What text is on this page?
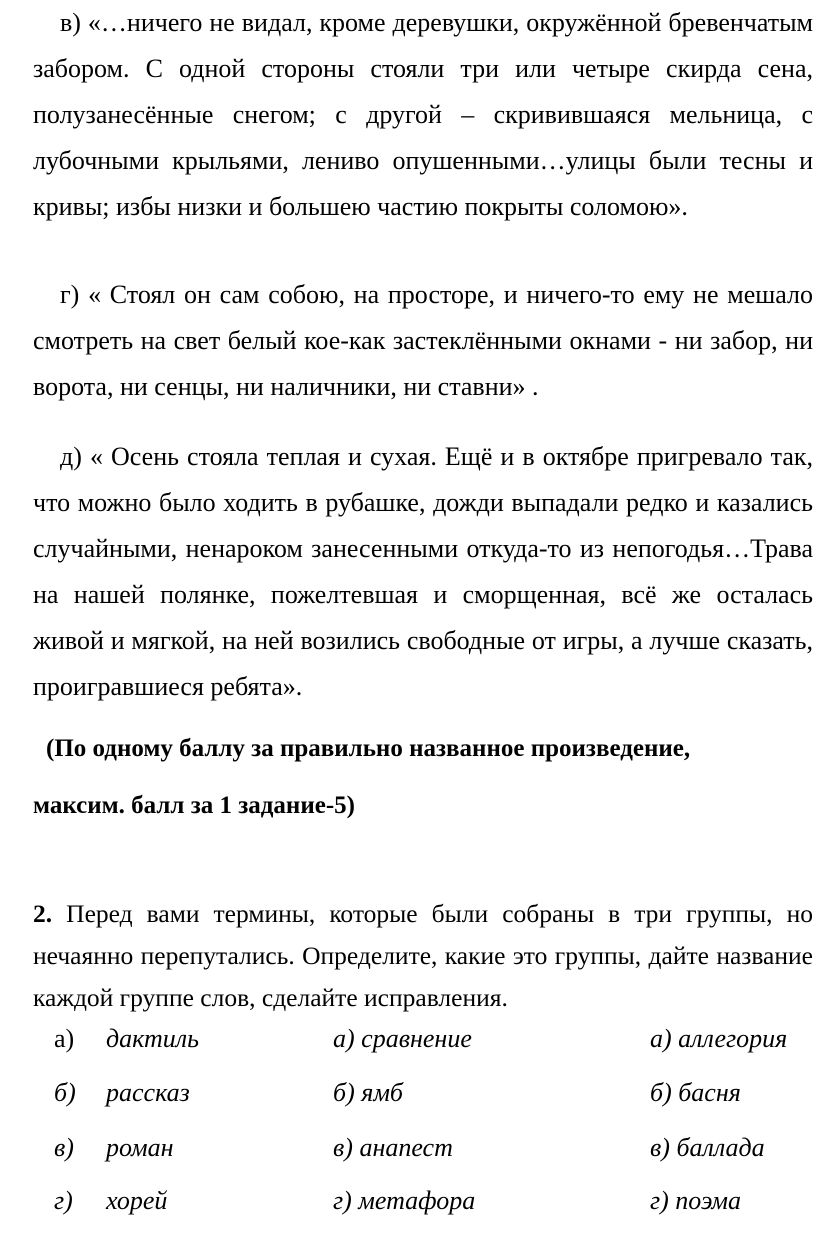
в) «…ничего не видал, кроме деревушки, окружённой бревенчатым забором. С одной стороны стояли три или четыре скирда сена, полузанесённые снегом; с другой – скривившаяся мельница, с лубочными крыльями, лениво опушенными…улицы были тесны и кривы; избы низки и большею частию покрыты соломою».

г) « Стоял он сам собою, на просторе, и ничего-то ему не мешало смотреть на свет белый кое-как застеклёнными окнами - ни забор, ни ворота, ни сенцы, ни наличники, ни ставни» .

д) « Осень стояла теплая и сухая. Ещё и в октябре пригревало так, что можно было ходить в рубашке, дожди выпадали редко и казались случайными, ненароком занесенными откуда-то из непогодья…Трава на нашей полянке, пожелтевшая и сморщенная, всё же осталась живой и мягкой, на ней возились свободные от игры, а лучше сказать, проигравшиеся ребята».

(По одному баллу за правильно названное произведение,

максим. балл за 1 задание-5)

2. Перед вами термины, которые были собраны в три группы, но нечаянно перепутались. Определите, какие это группы, дайте название каждой группе слов, сделайте исправления.

а) дактиль
б) рассказ
в) роман
г) хорей
а) сравнение
б) ямб
в) анапест
г) метафора
а) аллегория
б) басня
в) баллада
г) поэма
